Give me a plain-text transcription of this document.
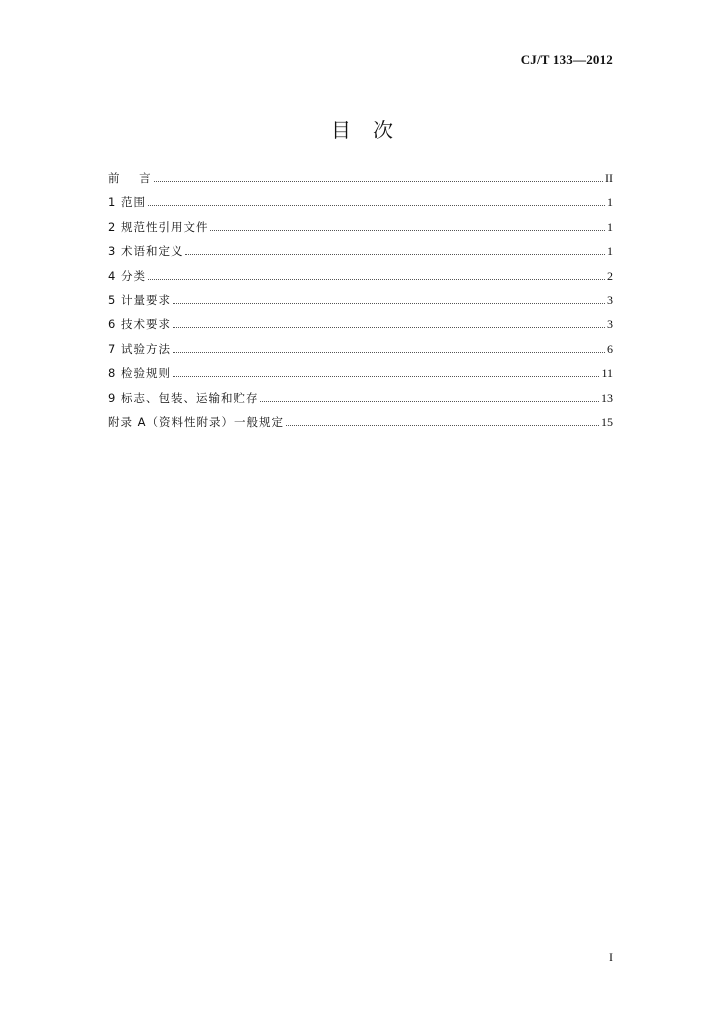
CJ/T 133—2012
目次
前    言	II
1 范围	1
2 规范性引用文件	1
3 术语和定义	1
4 分类	2
5 计量要求	3
6 技术要求	3
7 试验方法	6
8 检验规则	11
9 标志、包装、运输和贮存	13
附录 A（资料性附录）一般规定	15
I
